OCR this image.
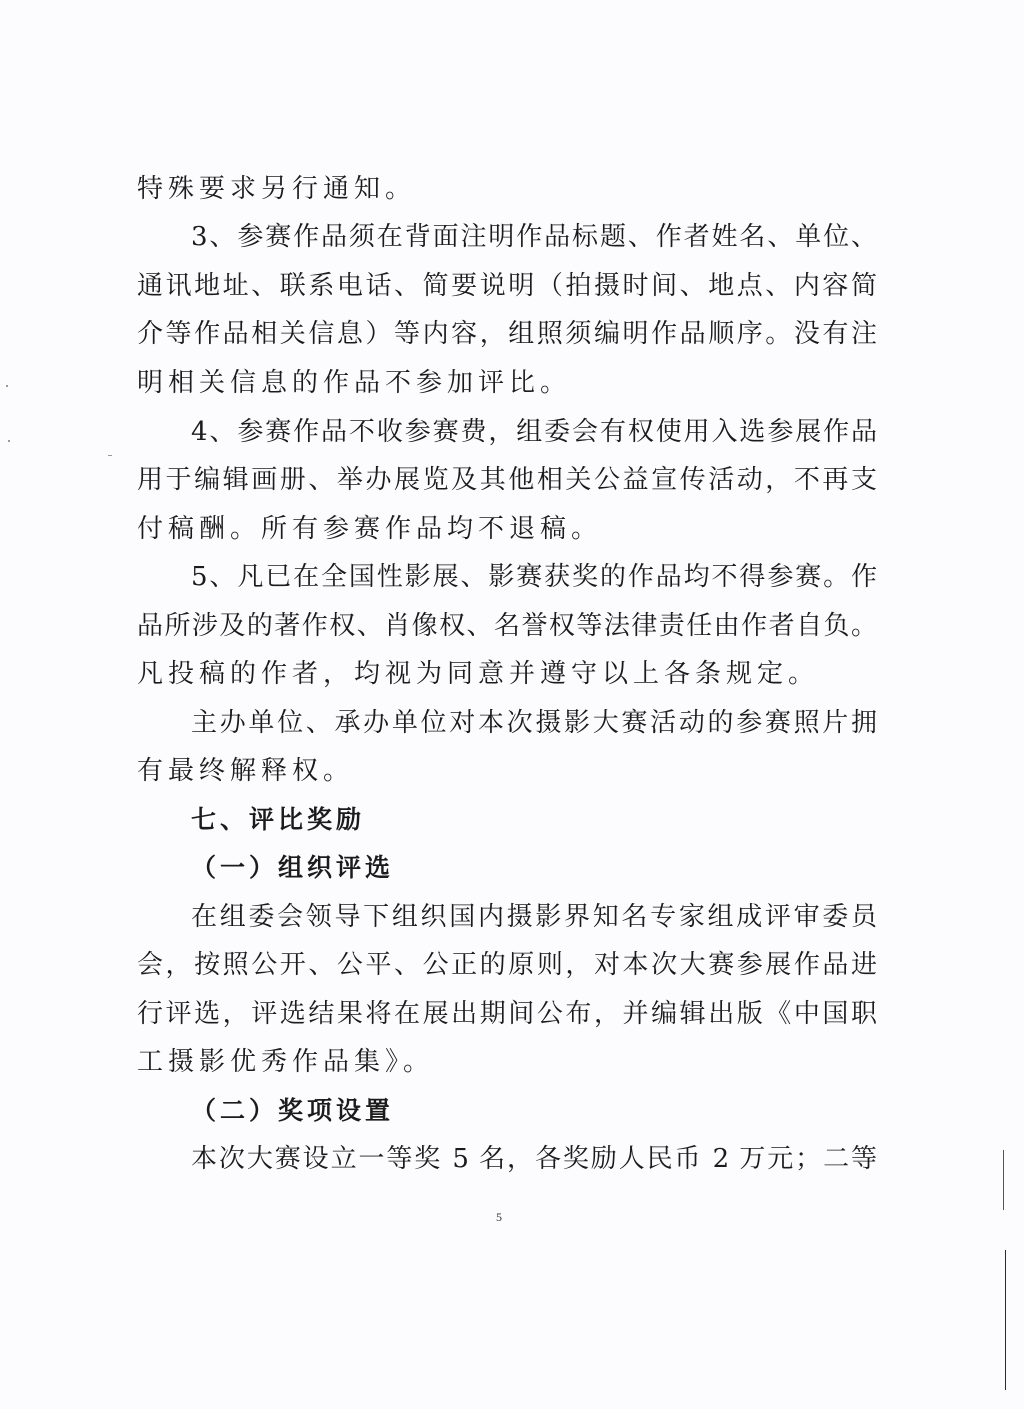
特殊要求另行通知。
3、参赛作品须在背面注明作品标题、作者姓名、单位、
通讯地址、联系电话、简要说明（拍摄时间、地点、内容简
介等作品相关信息）等内容，组照须编明作品顺序。没有注
明相关信息的作品不参加评比。
4、参赛作品不收参赛费，组委会有权使用入选参展作品
用于编辑画册、举办展览及其他相关公益宣传活动，不再支
付稿酬。所有参赛作品均不退稿。
5、凡已在全国性影展、影赛获奖的作品均不得参赛。作
品所涉及的著作权、肖像权、名誉权等法律责任由作者自负。
凡投稿的作者，均视为同意并遵守以上各条规定。
主办单位、承办单位对本次摄影大赛活动的参赛照片拥
有最终解释权。
七、评比奖励
（一）组织评选
在组委会领导下组织国内摄影界知名专家组成评审委员
会，按照公开、公平、公正的原则，对本次大赛参展作品进
行评选，评选结果将在展出期间公布，并编辑出版《中国职
工摄影优秀作品集》。
（二）奖项设置
本次大赛设立一等奖 5 名，各奖励人民币 2 万元；二等
5
